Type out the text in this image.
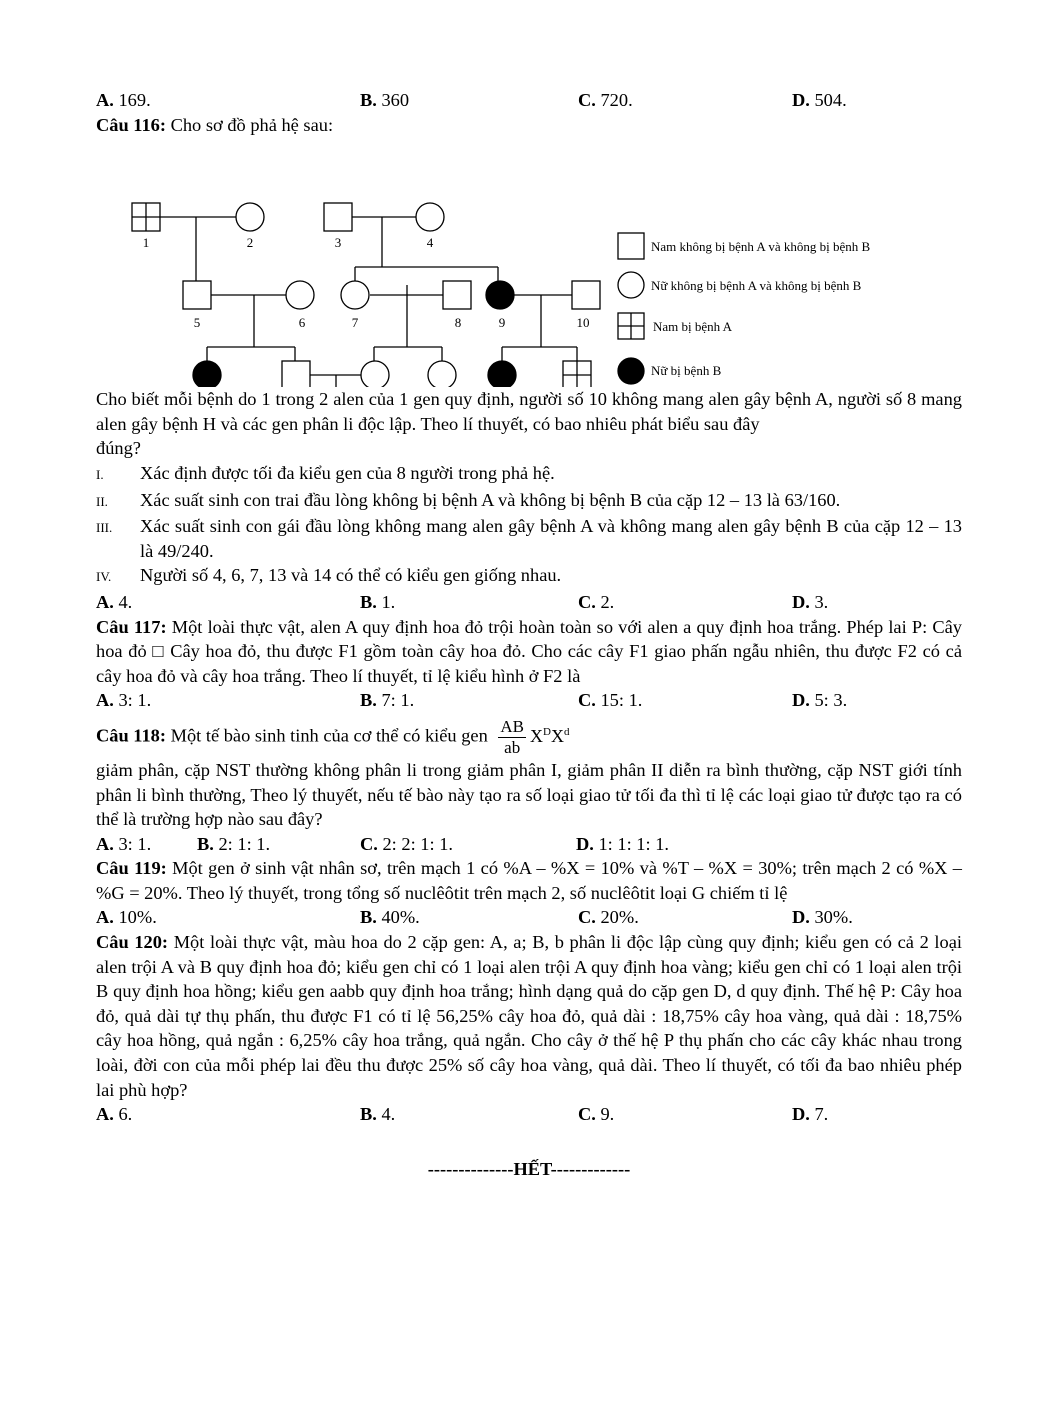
A. 169.	B. 360	C. 720.	D. 504.

Câu 116: Cho sơ đồ phả hệ sau:

1	2	3	4
5	6	7	8	9	10
Nam không bị bệnh A và không bị bệnh B
Nữ không bị bệnh A và không bị bệnh B
Nam bị bệnh A
Nữ bị bệnh B

Cho biết mỗi bệnh do 1 trong 2 alen của 1 gen quy định, người số 10 không mang alen gây bệnh A, người số 8 mang alen gây bệnh H và các gen phân li độc lập. Theo lí thuyết, có bao nhiêu phát biểu sau đây

đúng?

I.	Xác định được tối đa kiểu gen của 8 người trong phả hệ.
II.	Xác suất sinh con trai đầu lòng không bị bệnh A và không bị bệnh B của cặp 12 – 13 là 63/160.
III.	Xác suất sinh con gái đầu lòng không mang alen gây bệnh A và không mang alen gây bệnh B của cặp 12 – 13 là 49/240.
IV.	Người số 4, 6, 7, 13 và 14 có thể có kiểu gen giống nhau.
A. 4.	B. 1.	C. 2.	D. 3.

Câu 117: Một loài thực vật, alen A quy định hoa đỏ trội hoàn toàn so với alen a quy định hoa trắng. Phép lai P: Cây hoa đỏ □ Cây hoa đỏ, thu được F1 gồm toàn cây hoa đỏ. Cho các cây F1 giao phấn ngẫu nhiên, thu được F2 có cả cây hoa đỏ và cây hoa trắng. Theo lí thuyết, tỉ lệ kiểu hình ở F2 là

A. 3: 1.	B. 7: 1.	C. 15: 1.	D. 5: 3.

Câu 118: Một tế bào sinh tinh của cơ thể có kiểu gen $\frac{AB}{ab} X^DX^d$

giảm phân, cặp NST thường không phân li trong giảm phân I, giảm phân II diễn ra bình thường, cặp NST giới tính phân li bình thường, Theo lý thuyết, nếu tế bào này tạo ra số loại giao tử tối đa thì tỉ lệ các loại giao tử được tạo ra có thể là trường hợp nào sau đây?

A. 3: 1.	B. 2: 1: 1.	C. 2: 2: 1: 1.	D. 1: 1: 1: 1.

Câu 119: Một gen ở sinh vật nhân sơ, trên mạch 1 có %A – %X = 10% và %T – %X = 30%; trên mạch 2 có %X – %G = 20%. Theo lý thuyết, trong tổng số nuclêôtit trên mạch 2, số nuclêôtit loại G chiếm tỉ lệ

A. 10%.	B. 40%.	C. 20%.	D. 30%.

Câu 120: Một loài thực vật, màu hoa do 2 cặp gen: A, a; B, b phân li độc lập cùng quy định; kiểu gen có cả 2 loại alen trội A và B quy định hoa đỏ; kiểu gen chỉ có 1 loại alen trội A quy định hoa vàng; kiểu gen chỉ có 1 loại alen trội B quy định hoa hồng; kiểu gen aabb quy định hoa trắng; hình dạng quả do cặp gen D, d quy định. Thế hệ P: Cây hoa đỏ, quả dài tự thụ phấn, thu được F1 có tỉ lệ 56,25% cây hoa đỏ, quả dài : 18,75% cây hoa vàng, quả dài : 18,75% cây hoa hồng, quả ngắn : 6,25% cây hoa trắng, quả ngắn. Cho cây ở thế hệ P thụ phấn cho các cây khác nhau trong loài, đời con của mỗi phép lai đều thu được 25% số cây hoa vàng, quả dài. Theo lí thuyết, có tối đa bao nhiêu phép lai phù hợp?

A. 6.	B. 4.	C. 9.	D. 7.
--------------HẾT-------------
